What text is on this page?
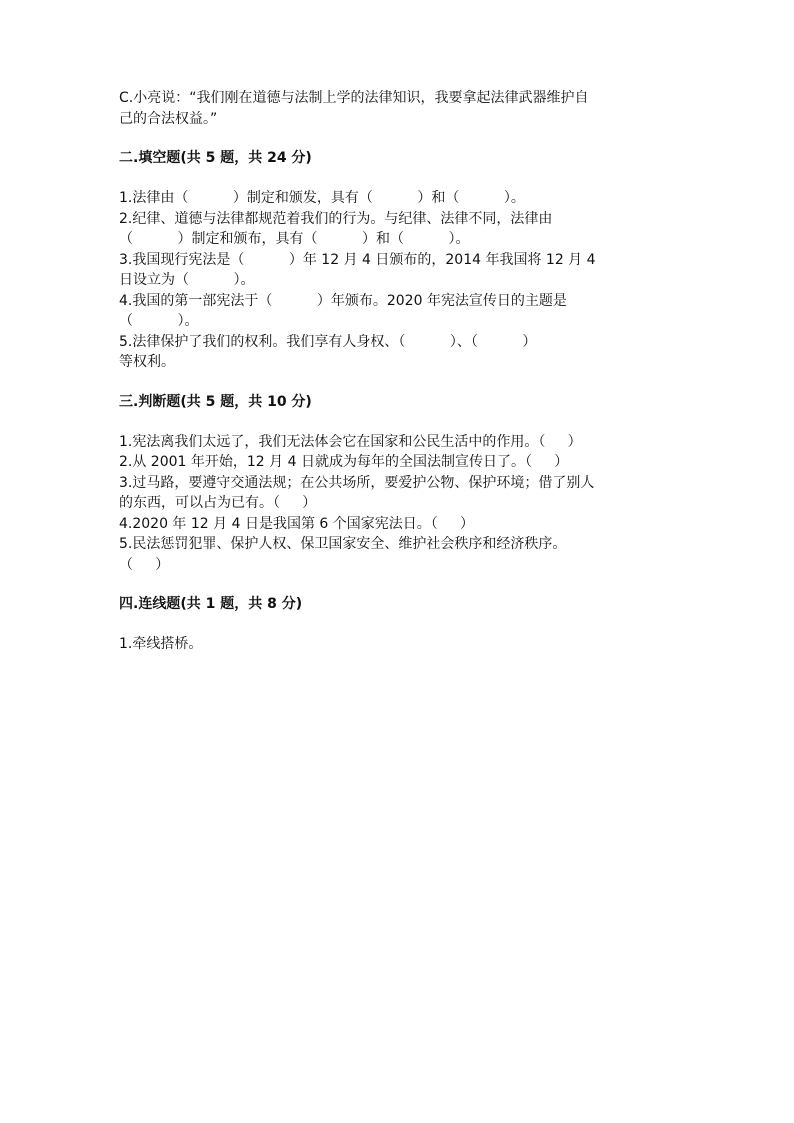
C.小亮说：“我们刚在道德与法制上学的法律知识，我要拿起法律武器维护自
己的合法权益。”
二.填空题(共 5 题，共 24 分)
1.法律由（          ）制定和颁发，具有（          ）和（          ）。
2.纪律、道德与法律都规范着我们的行为。与纪律、法律不同，法律由
（          ）制定和颁布，具有（          ）和（          ）。
3.我国现行宪法是（          ）年 12 月 4 日颁布的，2014 年我国将 12 月 4
日设立为（          ）。
4.我国的第一部宪法于（          ）年颁布。2020 年宪法宣传日的主题是
（          ）。
5.法律保护了我们的权利。我们享有人身权、（          ）、（          ）
等权利。
三.判断题(共 5 题，共 10 分)
1.宪法离我们太远了，我们无法体会它在国家和公民生活中的作用。（     ）
2.从 2001 年开始，12 月 4 日就成为每年的全国法制宣传日了。（     ）
3.过马路，要遵守交通法规；在公共场所，要爱护公物、保护环境；借了别人
的东西，可以占为已有。（     ）
4.2020 年 12 月 4 日是我国第 6 个国家宪法日。（     ）
5.民法惩罚犯罪、保护人权、保卫国家安全、维护社会秩序和经济秩序。
（     ）
四.连线题(共 1 题，共 8 分)
1.牵线搭桥。
